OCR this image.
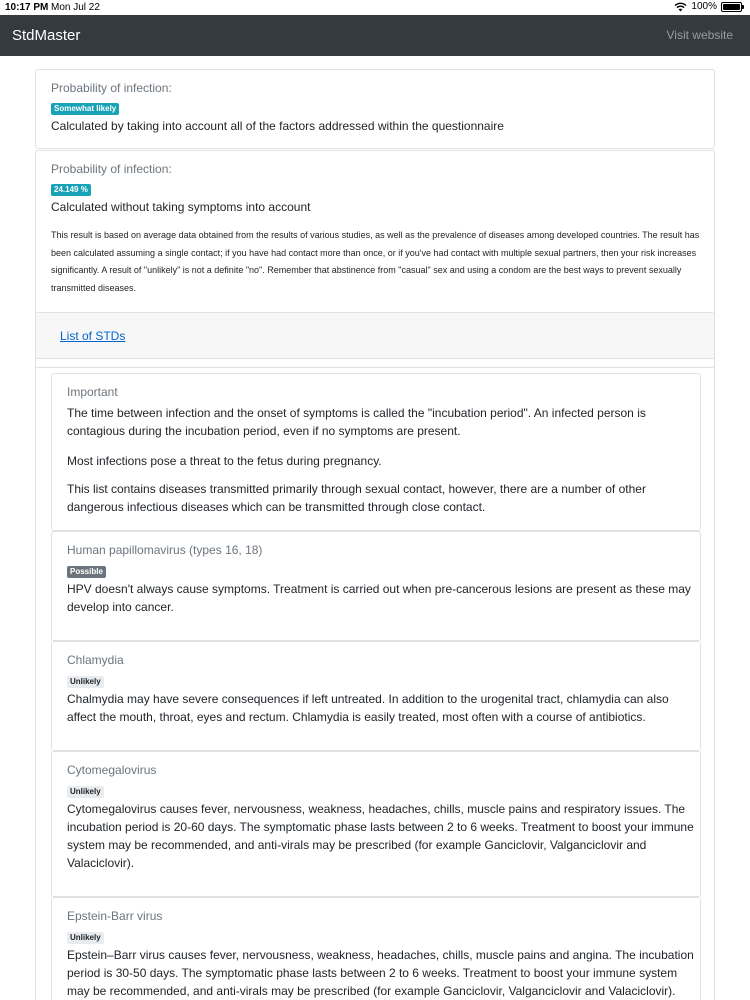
10:17 PM Mon Jul 22	100%
StdMaster	Visit website
Probability of infection:
Somewhat likely
Calculated by taking into account all of the factors addressed within the questionnaire
Probability of infection:
24.149 %
Calculated without taking symptoms into account
This result is based on average data obtained from the results of various studies, as well as the prevalence of diseases among developed countries. The result has been calculated assuming a single contact; if you have had contact more than once, or if you've had contact with multiple sexual partners, then your risk increases significantly. A result of "unlikely" is not a definite "no". Remember that abstinence from "casual" sex and using a condom are the best ways to prevent sexually transmitted diseases.
List of STDs
Important

The time between infection and the onset of symptoms is called the "incubation period". An infected person is contagious during the incubation period, even if no symptoms are present.

Most infections pose a threat to the fetus during pregnancy.

This list contains diseases transmitted primarily through sexual contact, however, there are a number of other dangerous infectious diseases which can be transmitted through close contact.

Human papillomavirus (types 16, 18)
Possible

HPV doesn't always cause symptoms. Treatment is carried out when pre-cancerous lesions are present as these may develop into cancer.

Chlamydia
Unlikely

Chalmydia may have severe consequences if left untreated. In addition to the urogenital tract, chlamydia can also affect the mouth, throat, eyes and rectum. Chlamydia is easily treated, most often with a course of antibiotics.

Cytomegalovirus
Unlikely

Cytomegalovirus causes fever, nervousness, weakness, headaches, chills, muscle pains and respiratory issues. The incubation period is 20-60 days. The symptomatic phase lasts between 2 to 6 weeks. Treatment to boost your immune system may be recommended, and anti-virals may be prescribed (for example Ganciclovir, Valganciclovir and Valaciclovir).

Epstein-Barr virus
Unlikely

Epstein–Barr virus causes fever, nervousness, weakness, headaches, chills, muscle pains and angina. The incubation period is 30-50 days. The symptomatic phase lasts between 2 to 6 weeks. Treatment to boost your immune system may be recommended, and anti-virals may be prescribed (for example Ganciclovir, Valganciclovir and Valaciclovir).
